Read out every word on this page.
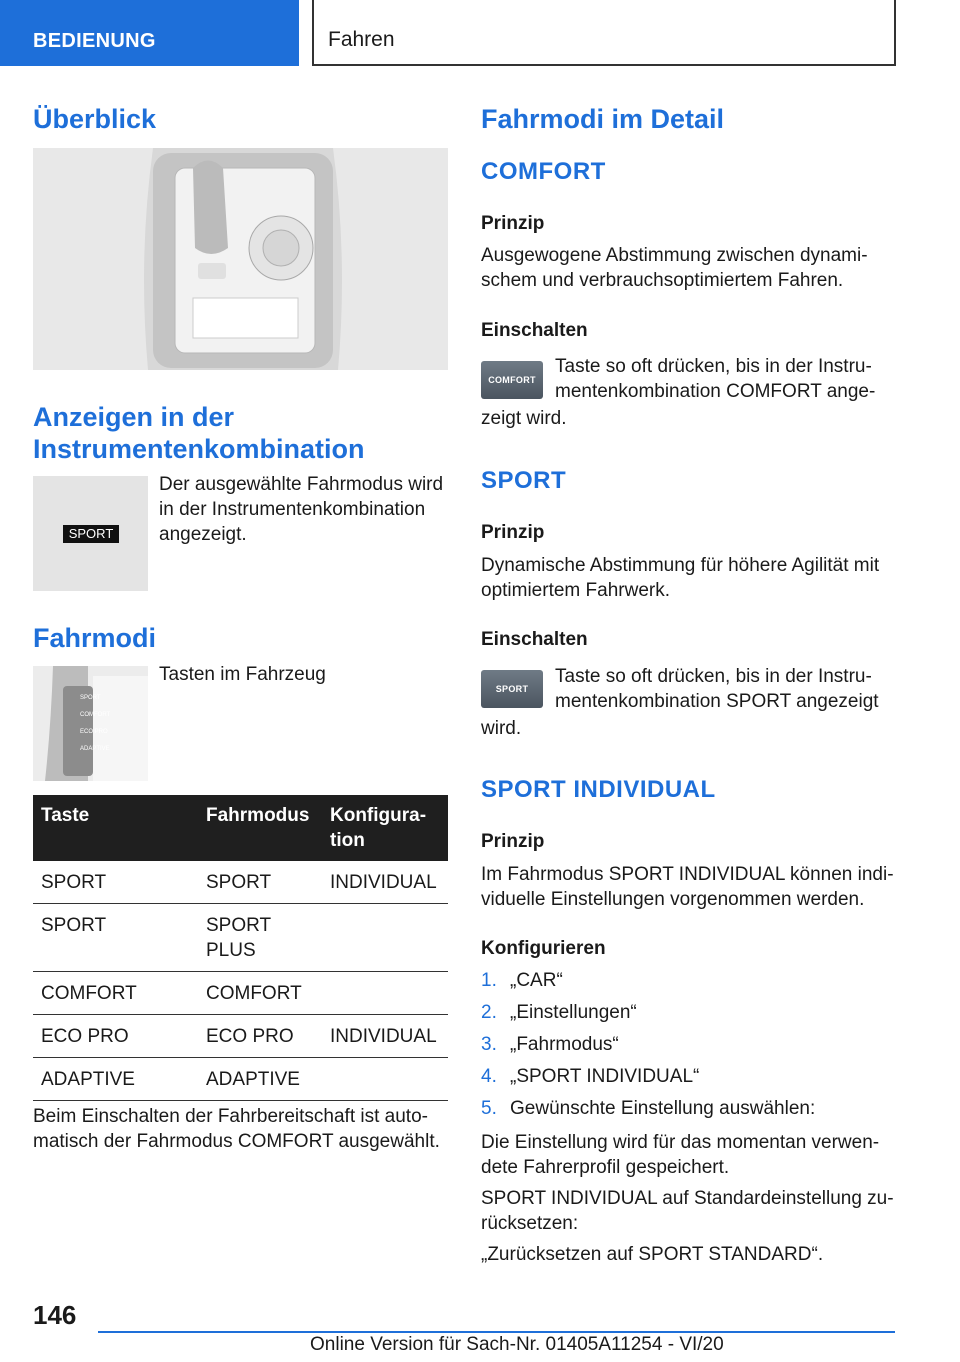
BEDIENUNG	Fahren
Überblick
Anzeigen in der Instrumentenkombination
SPORT

Der ausgewählte Fahrmodus wird in der Instrumentenkombination angezeigt.

Fahrmodi
SPORT
COMFORT
ECO PRO
ADAPTIVE

Tasten im Fahrzeug

Taste	Fahrmodus	Konfigura-tion
SPORT	SPORT	INDIVIDUAL
SPORT	SPORT PLUS	
COMFORT	COMFORT	
ECO PRO	ECO PRO	INDIVIDUAL
ADAPTIVE	ADAPTIVE	

Beim Einschalten der Fahrbereitschaft ist auto-matisch der Fahrmodus COMFORT ausgewählt.

Fahrmodi im Detail
COMFORT
Prinzip

Ausgewogene Abstimmung zwischen dynami-schem und verbrauchsoptimiertem Fahren.

Einschalten
COMFORT

Taste so oft drücken, bis in der Instru-mentenkombination COMFORT ange-

zeigt wird.

SPORT
Prinzip

Dynamische Abstimmung für höhere Agilität mit optimiertem Fahrwerk.

Einschalten
SPORT

Taste so oft drücken, bis in der Instru-mentenkombination SPORT angezeigt

wird.

SPORT INDIVIDUAL
Prinzip

Im Fahrmodus SPORT INDIVIDUAL können indi-viduelle Einstellungen vorgenommen werden.

Konfigurieren
1. „CAR“
2. „Einstellungen“
3. „Fahrmodus“
4. „SPORT INDIVIDUAL“
5. Gewünschte Einstellung auswählen:

Die Einstellung wird für das momentan verwen-dete Fahrerprofil gespeichert.

SPORT INDIVIDUAL auf Standardeinstellung zu-rücksetzen:

„Zurücksetzen auf SPORT STANDARD“.

146
Online Version für Sach-Nr. 01405A11254 - VI/20
